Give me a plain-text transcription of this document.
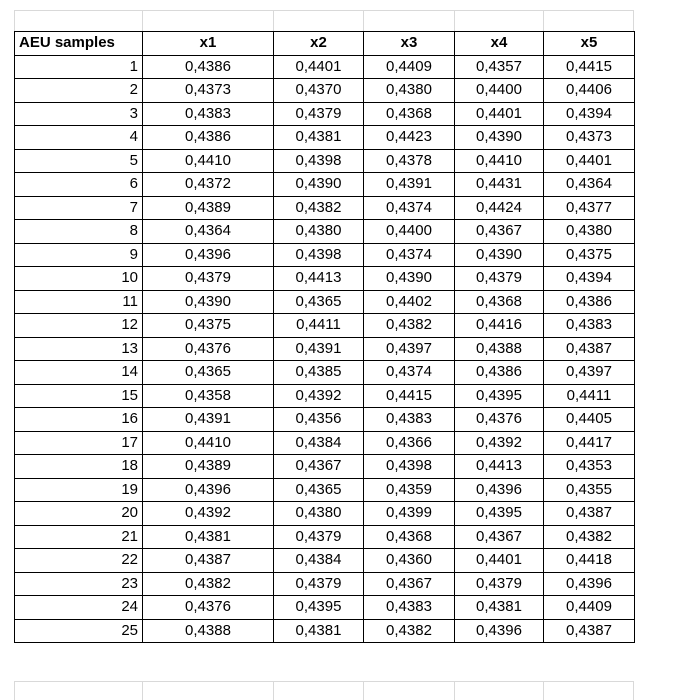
AEU samples	x1	x2	x3	x4	x5
1	0,4386	0,4401	0,4409	0,4357	0,4415
2	0,4373	0,4370	0,4380	0,4400	0,4406
3	0,4383	0,4379	0,4368	0,4401	0,4394
4	0,4386	0,4381	0,4423	0,4390	0,4373
5	0,4410	0,4398	0,4378	0,4410	0,4401
6	0,4372	0,4390	0,4391	0,4431	0,4364
7	0,4389	0,4382	0,4374	0,4424	0,4377
8	0,4364	0,4380	0,4400	0,4367	0,4380
9	0,4396	0,4398	0,4374	0,4390	0,4375
10	0,4379	0,4413	0,4390	0,4379	0,4394
11	0,4390	0,4365	0,4402	0,4368	0,4386
12	0,4375	0,4411	0,4382	0,4416	0,4383
13	0,4376	0,4391	0,4397	0,4388	0,4387
14	0,4365	0,4385	0,4374	0,4386	0,4397
15	0,4358	0,4392	0,4415	0,4395	0,4411
16	0,4391	0,4356	0,4383	0,4376	0,4405
17	0,4410	0,4384	0,4366	0,4392	0,4417
18	0,4389	0,4367	0,4398	0,4413	0,4353
19	0,4396	0,4365	0,4359	0,4396	0,4355
20	0,4392	0,4380	0,4399	0,4395	0,4387
21	0,4381	0,4379	0,4368	0,4367	0,4382
22	0,4387	0,4384	0,4360	0,4401	0,4418
23	0,4382	0,4379	0,4367	0,4379	0,4396
24	0,4376	0,4395	0,4383	0,4381	0,4409
25	0,4388	0,4381	0,4382	0,4396	0,4387
